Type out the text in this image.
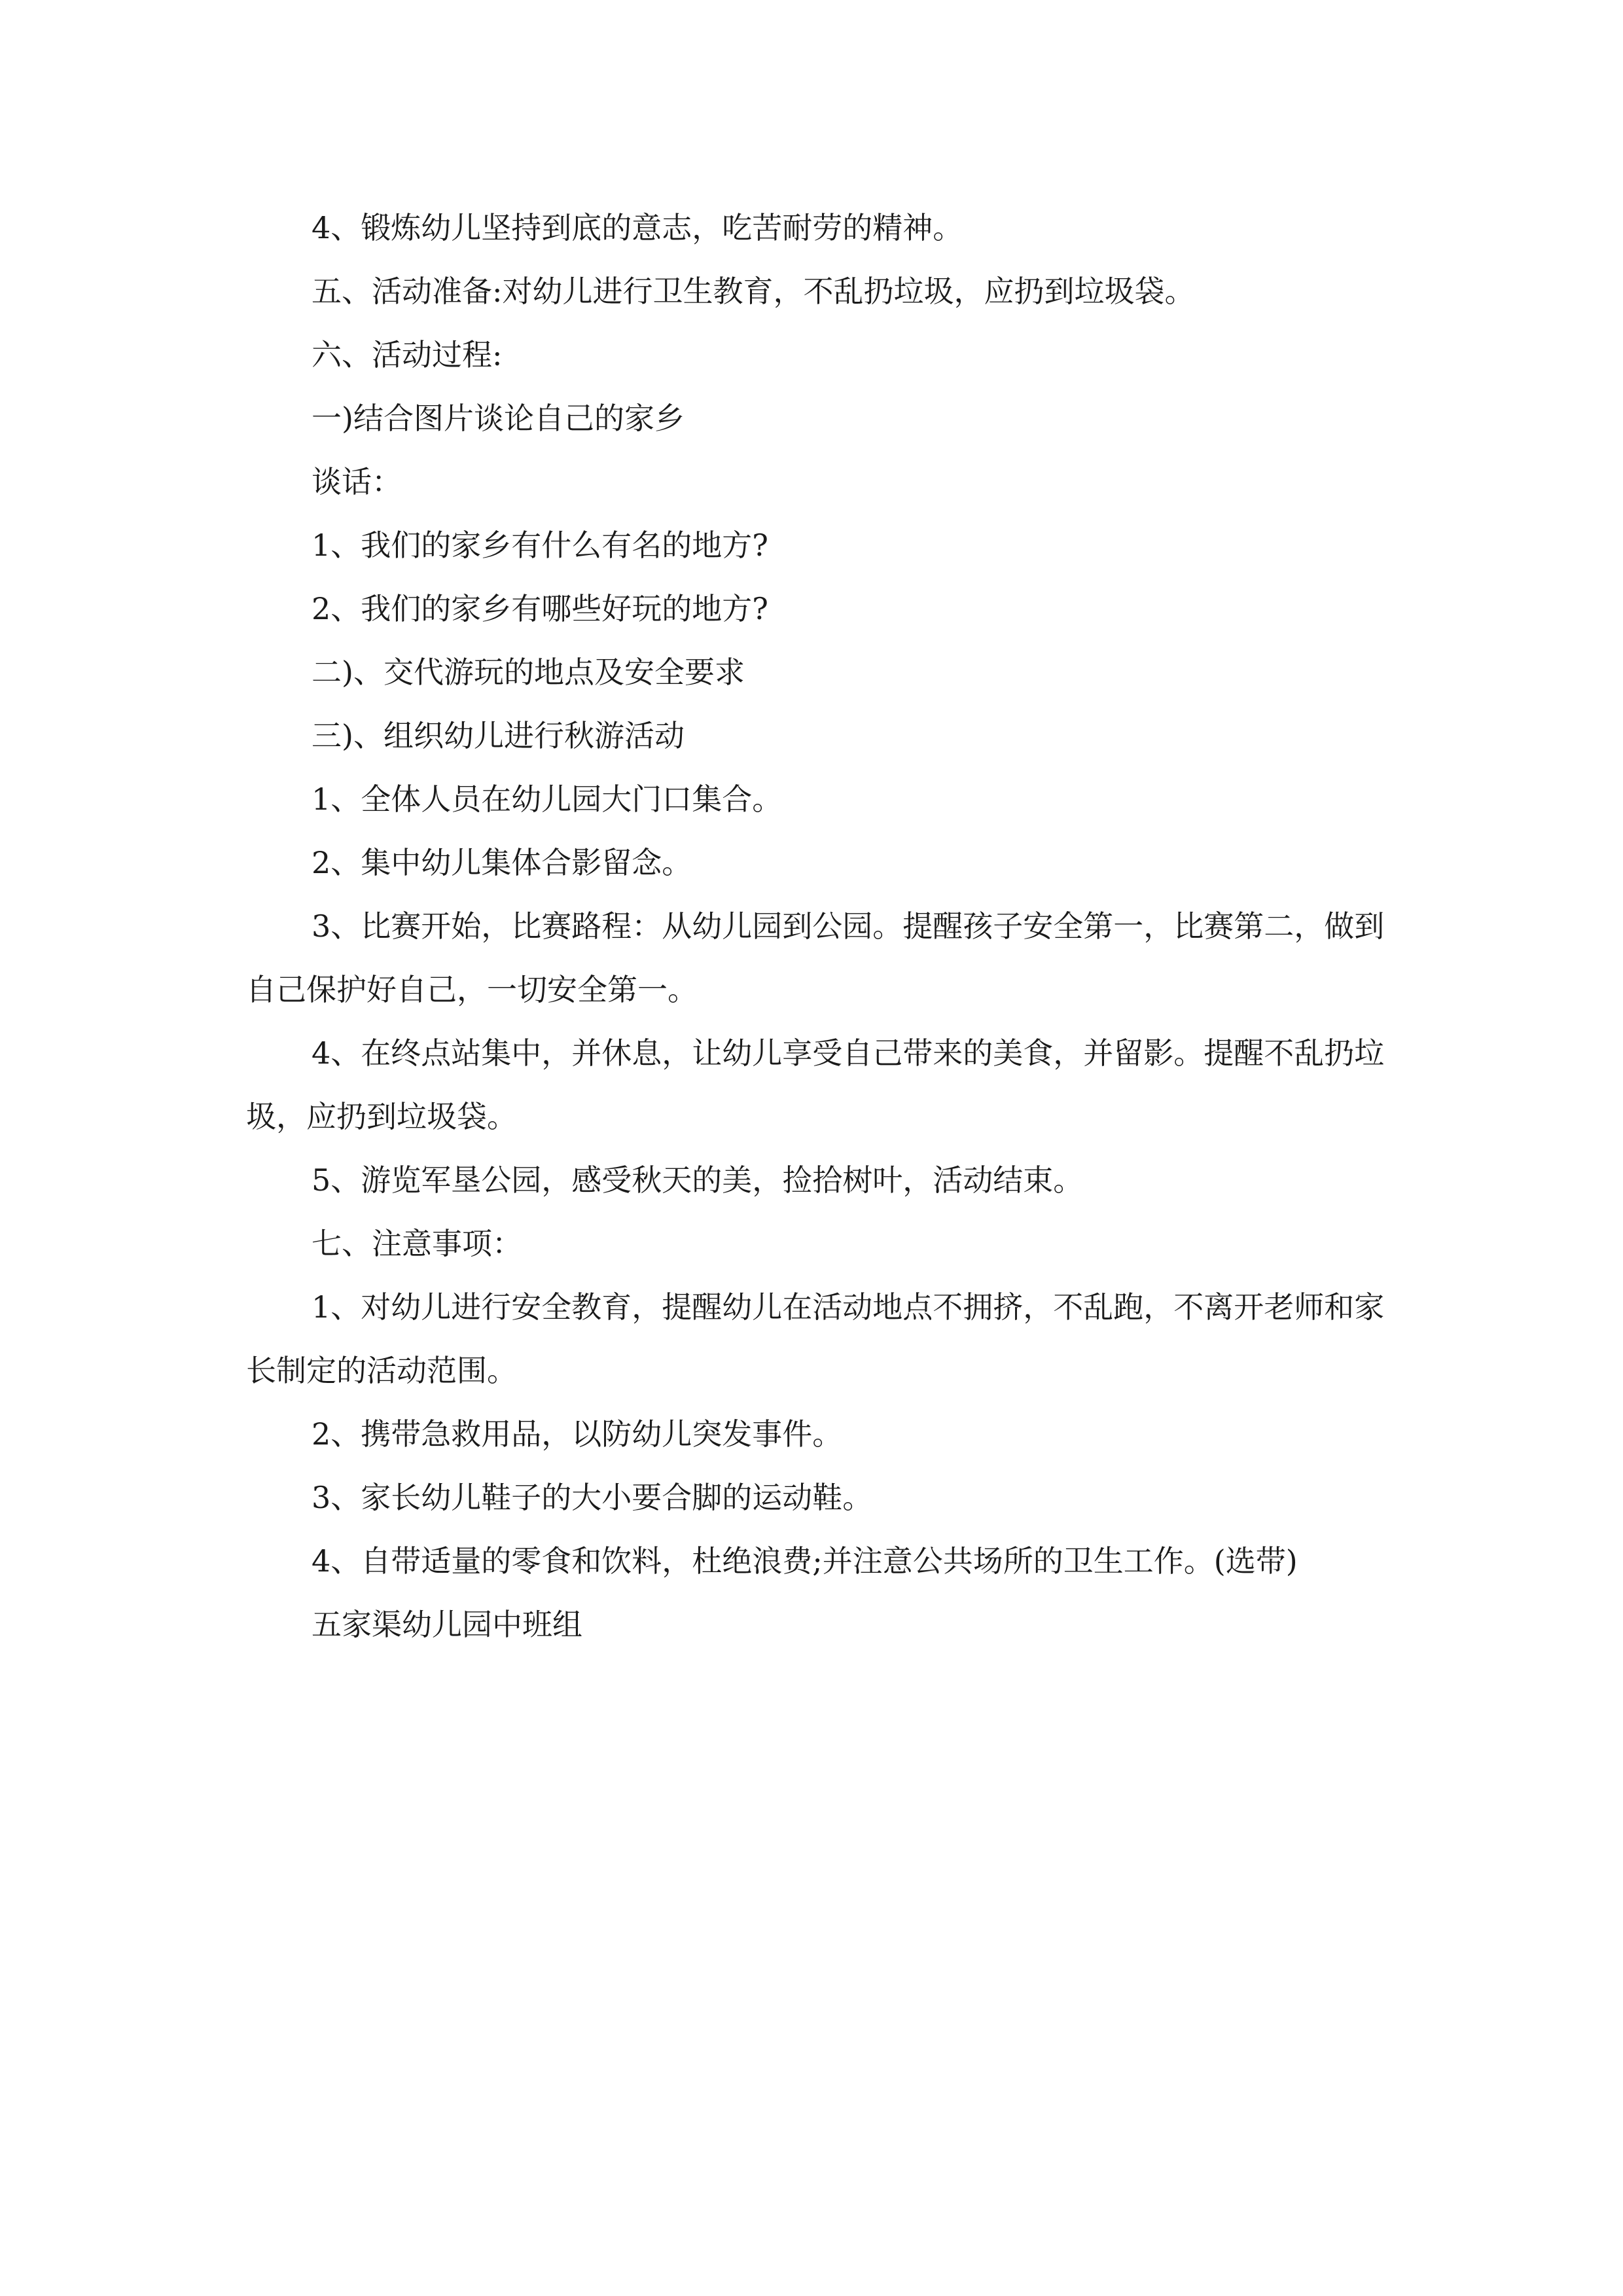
4、锻炼幼儿坚持到底的意志，吃苦耐劳的精神。

五、活动准备:对幼儿进行卫生教育，不乱扔垃圾，应扔到垃圾袋。

六、活动过程:

一)结合图片谈论自己的家乡

谈话：

1、我们的家乡有什么有名的地方?

2、我们的家乡有哪些好玩的地方?

二)、交代游玩的地点及安全要求

三)、组织幼儿进行秋游活动

1、全体人员在幼儿园大门口集合。

2、集中幼儿集体合影留念。

3、比赛开始，比赛路程：从幼儿园到公园。提醒孩子安全第一，比赛第二，做到自己保护好自己，一切安全第一。

4、在终点站集中，并休息，让幼儿享受自己带来的美食，并留影。提醒不乱扔垃圾，应扔到垃圾袋。

5、游览军垦公园，感受秋天的美，捡拾树叶，活动结束。

七、注意事项：

1、对幼儿进行安全教育，提醒幼儿在活动地点不拥挤，不乱跑，不离开老师和家长制定的活动范围。

2、携带急救用品，以防幼儿突发事件。

3、家长幼儿鞋子的大小要合脚的运动鞋。

4、自带适量的零食和饮料，杜绝浪费;并注意公共场所的卫生工作。(选带)

五家渠幼儿园中班组
